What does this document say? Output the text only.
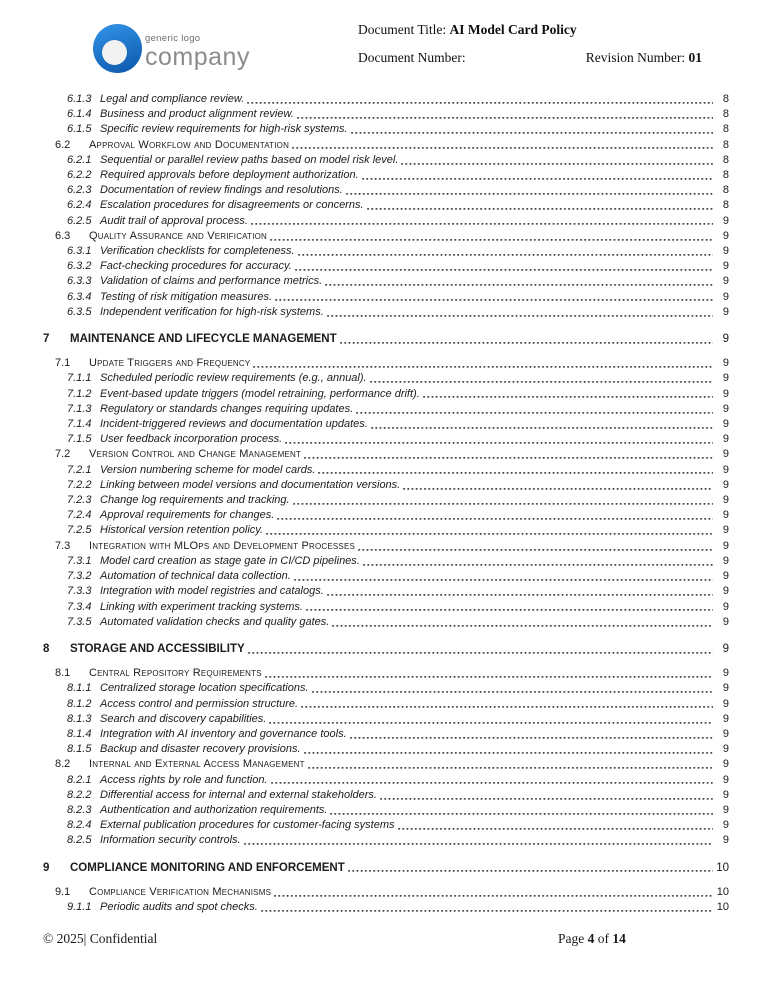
generic logo
company
Document Title: AI Model Card Policy
Document Number:	Revision Number: 01
6.1.3 Legal and compliance review.	8
6.1.4 Business and product alignment review.	8
6.1.5 Specific review requirements for high-risk systems.	8
6.2	Approval Workflow and Documentation	8
6.2.1 Sequential or parallel review paths based on model risk level.	8
6.2.2 Required approvals before deployment authorization.	8
6.2.3 Documentation of review findings and resolutions.	8
6.2.4 Escalation procedures for disagreements or concerns.	8
6.2.5 Audit trail of approval process.	9
6.3	Quality Assurance and Verification	9
6.3.1 Verification checklists for completeness.	9
6.3.2 Fact-checking procedures for accuracy.	9
6.3.3 Validation of claims and performance metrics.	9
6.3.4 Testing of risk mitigation measures.	9
6.3.5 Independent verification for high-risk systems.	9
7	MAINTENANCE AND LIFECYCLE MANAGEMENT	9
7.1	Update Triggers and Frequency	9
7.1.1 Scheduled periodic review requirements (e.g., annual).	9
7.1.2 Event-based update triggers (model retraining, performance drift).	9
7.1.3 Regulatory or standards changes requiring updates.	9
7.1.4 Incident-triggered reviews and documentation updates.	9
7.1.5 User feedback incorporation process.	9
7.2	Version Control and Change Management	9
7.2.1 Version numbering scheme for model cards.	9
7.2.2 Linking between model versions and documentation versions.	9
7.2.3 Change log requirements and tracking.	9
7.2.4 Approval requirements for changes.	9
7.2.5 Historical version retention policy.	9
7.3	Integration with MLOps and Development Processes	9
7.3.1 Model card creation as stage gate in CI/CD pipelines.	9
7.3.2 Automation of technical data collection.	9
7.3.3 Integration with model registries and catalogs.	9
7.3.4 Linking with experiment tracking systems.	9
7.3.5 Automated validation checks and quality gates.	9
8	STORAGE AND ACCESSIBILITY	9
8.1	Central Repository Requirements	9
8.1.1 Centralized storage location specifications.	9
8.1.2 Access control and permission structure.	9
8.1.3 Search and discovery capabilities.	9
8.1.4 Integration with AI inventory and governance tools.	9
8.1.5 Backup and disaster recovery provisions.	9
8.2	Internal and External Access Management	9
8.2.1 Access rights by role and function.	9
8.2.2 Differential access for internal and external stakeholders.	9
8.2.3 Authentication and authorization requirements.	9
8.2.4 External publication procedures for customer-facing systems	9
8.2.5 Information security controls.	9
9	COMPLIANCE MONITORING AND ENFORCEMENT	10
9.1	Compliance Verification Mechanisms	10
9.1.1 Periodic audits and spot checks.	10
© 2025| Confidential	Page 4 of 14
